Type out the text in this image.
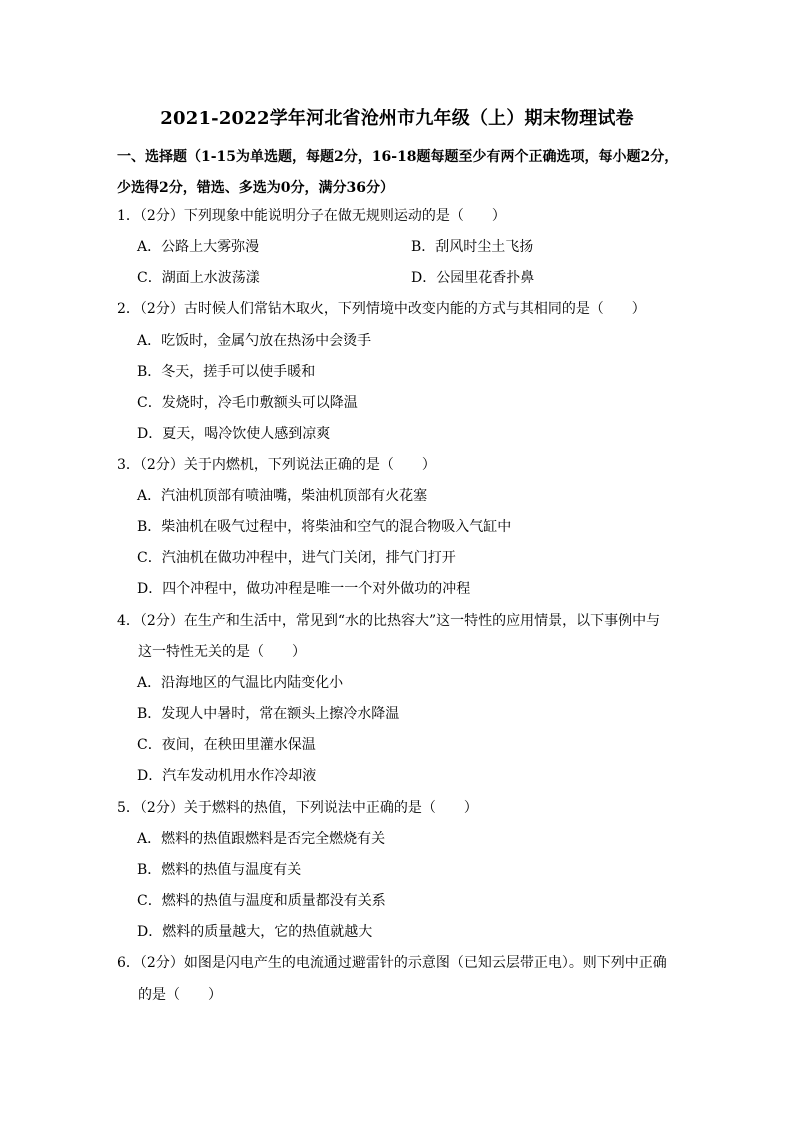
2021-2022学年河北省沧州市九年级（上）期末物理试卷
一、选择题（1-15为单选题，每题2分，16-18题每题至少有两个正确选项，每小题2分，
少选得2分，错选、多选为0分，满分36分）
1．（2分）下列现象中能说明分子在做无规则运动的是（　　）
A．公路上大雾弥漫	B．刮风时尘土飞扬
C．湖面上水波荡漾	D．公园里花香扑鼻
2．（2分）古时候人们常钻木取火，下列情境中改变内能的方式与其相同的是（　　）
A．吃饭时，金属勺放在热汤中会烫手
B．冬天，搓手可以使手暖和
C．发烧时，冷毛巾敷额头可以降温
D．夏天，喝冷饮使人感到凉爽
3．（2分）关于内燃机，下列说法正确的是（　　）
A．汽油机顶部有喷油嘴，柴油机顶部有火花塞
B．柴油机在吸气过程中，将柴油和空气的混合物吸入气缸中
C．汽油机在做功冲程中，进气门关闭，排气门打开
D．四个冲程中，做功冲程是唯一一个对外做功的冲程
4．（2分）在生产和生活中，常见到“水的比热容大”这一特性的应用情景，以下事例中与
这一特性无关的是（　　）
A．沿海地区的气温比内陆变化小
B．发现人中暑时，常在额头上擦冷水降温
C．夜间，在秧田里灌水保温
D．汽车发动机用水作冷却液
5．（2分）关于燃料的热值，下列说法中正确的是（　　）
A．燃料的热值跟燃料是否完全燃烧有关
B．燃料的热值与温度有关
C．燃料的热值与温度和质量都没有关系
D．燃料的质量越大，它的热值就越大
6．（2分）如图是闪电产生的电流通过避雷针的示意图（已知云层带正电）。则下列中正确
的是（　　）
